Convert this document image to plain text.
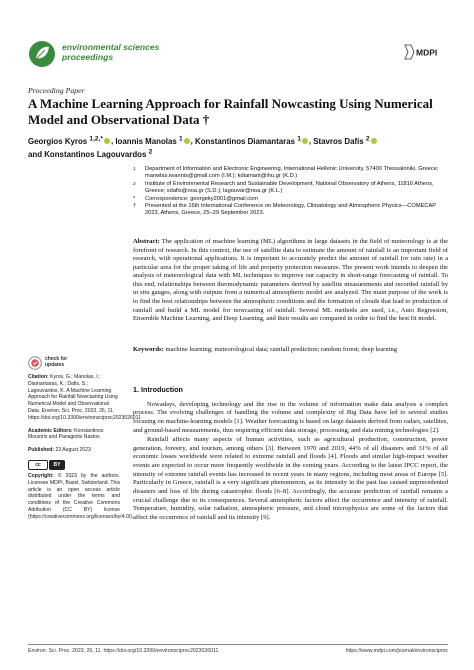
environmental sciences
proceedings	MDPI
Proceeding Paper
A Machine Learning Approach for Rainfall Nowcasting Using Numerical Model and Observational Data †
Georgios Kyros $^{1,2,*}$ , Ioannis Manolas $^1$ , Konstantinos Diamantaras $^1$ , Stavros Dafis $^2$
and Konstantinos Lagouvardos $^2$
1 Department of Information and Electronic Engineering, International Hellenic University, 57400 Thessaloniki, Greece; manwlas.iwannis@gmail.com (I.M.); kdiamant@ihu.gr (K.D.)
2 Institute of Environmental Research and Sustainable Development, National Observatory of Athens, 11810 Athens, Greece; sdafis@noa.gr (S.D.); lagouvar@noa.gr (K.L.)
* Correspondence: georgeky2001@gmail.com
† Presented at the 16th International Conference on Meteorology, Climatology and Atmospheric Physics—COMECAP 2023, Athens, Greece, 25–29 September 2023.
Abstract: The application of machine learning (ML) algorithms in large datasets in the field of meteorology is at the forefront of research. In this context, the use of satellite data to estimate the amount of rainfall is an important field of research, with operational applications. It is important to accurately predict the amount of rainfall (or rain rate) in a particular area for the proper taking of life and property protection measures. The present work intends to deepen the analysis of meteorological data with ML techniques to improve our capacity in short-range forecasting of rainfall. To this end, relationships between thermodynamic parameters derived by satellite measurements and recorded rainfall by in situ gauges, along with outputs from a numerical atmospheric model are analyzed. The main purpose of the work is to find the best relationships between the atmospheric conditions and the formation of clouds that lead to production of rainfall and build a ML model for nowcasting of rainfall. Several ML methods are used, i.e., Auto Regression, Ensemble Machine Learning, and Deep Learning, and their results are compared in order to find the best fit model.
Keywords: machine learning; meteorological data; rainfall prediction; random forest; deep learning
check for
updates
Citation: Kyros, G.; Manolas, I.; Diamantaras, K.; Dafis, S.; Lagouvardos, K. A Machine Learning Approach for Rainfall Nowcasting Using Numerical Model and Observational Data. Environ. Sci. Proc. 2023, 26, 11. https://doi.org/10.3390/environsciproc2023026011
Academic Editors: Konstantinos Moustris and Panagiotis Nastos
Published: 23 August 2023
cc	BY
Copyright: © 2023 by the authors. Licensee MDPI, Basel, Switzerland. This article is an open access article distributed under the terms and conditions of the Creative Commons Attribution (CC BY) license (https://creativecommons.org/licenses/by/4.0/).
1. Introduction

Nowadays, developing technology and the rise in the volume of information make data analysis a complex process. The evolving challenges of handling the volume and complexity of Big Data have led to several studies focusing on machine-learning models [1]. Weather forecasting is based on large datasets derived from radars, satellites, and ground-based measurements, thus requiring efficient data storage, processing, and data mining technologies [2].

Rainfall affects many aspects of human activities, such as agricultural production, construction, power generation, forestry, and tourism, among others [3]. Between 1970 and 2019, 44% of all disasters and 31% of all economic losses worldwide were related to extreme rainfall and floods [4]. Floods and similar high-impact weather events are expected to occur more frequently worldwide in the coming years. According to the latest IPCC report, the intensity of extreme rainfall events has increased in recent years in many regions, including most areas of Europe [5]. Particularly in Greece, rainfall is a very significant phenomenon, as its intensity in the past has caused unprecedented disasters and loss of life during catastrophic floods [6–8]. Accordingly, the accurate prediction of rainfall remains a crucial challenge due to its consequences. Several atmospheric factors affect the occurrence and intensity of rainfall. Temperature, humidity, solar radiation, atmospheric pressure, and cloud microphysics are some of the factors that affect the occurrence of rainfall and its intensity [9].

Environ. Sci. Proc. 2023, 26, 11. https://doi.org/10.3390/environsciproc2023026011	https://www.mdpi.com/journal/environsciproc
